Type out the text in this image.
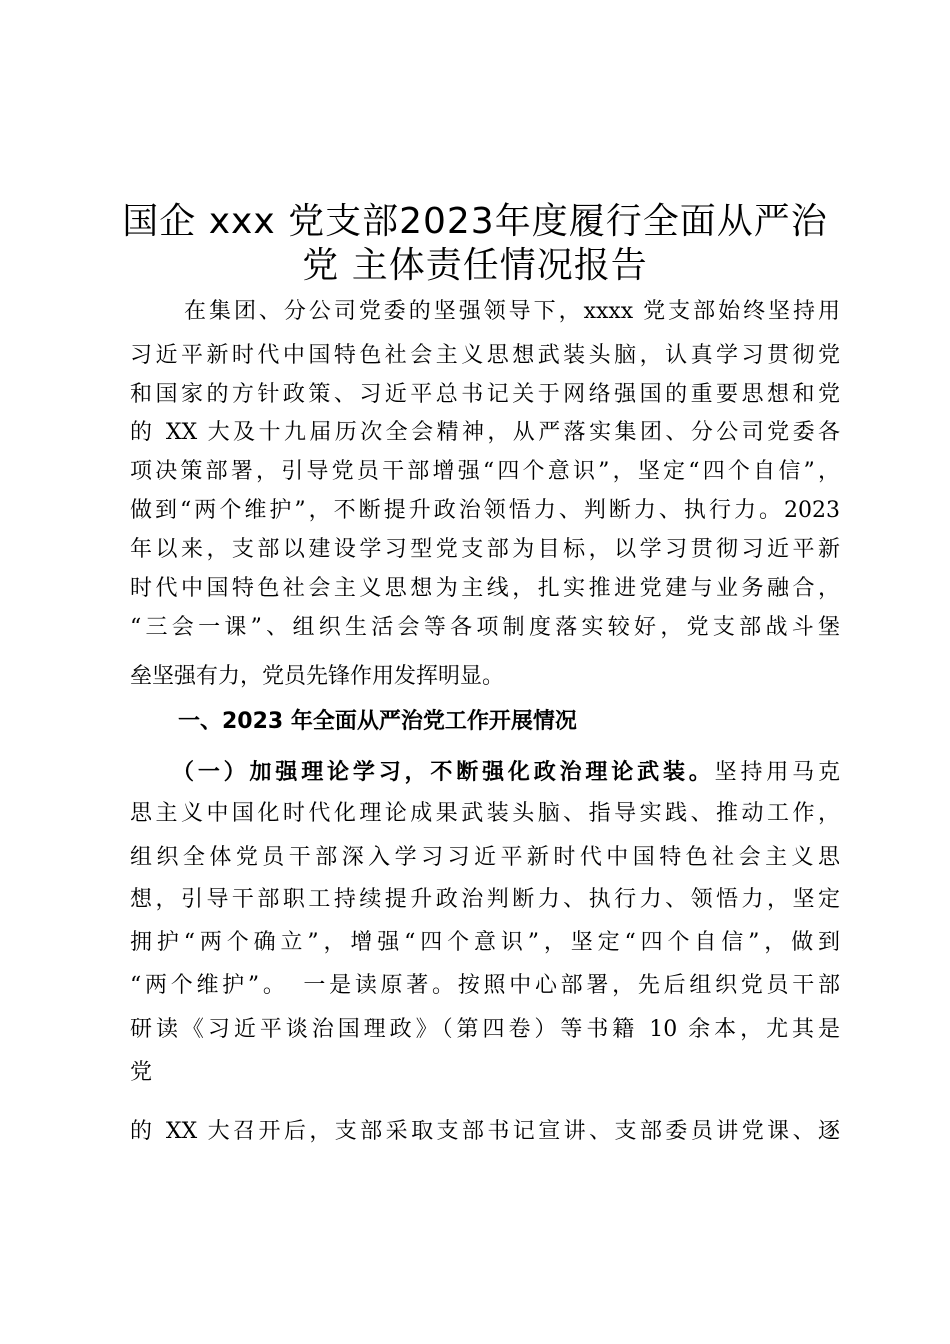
国企 xxx 党支部2023年度履行全面从严治
党 主体责任情况报告

在集团、分公司党委的坚强领导下，xxxx 党支部始终坚持用

习近平新时代中国特色社会主义思想武装头脑，认真学习贯彻党

和国家的方针政策、习近平总书记关于网络强国的重要思想和党

的 XX 大及十九届历次全会精神，从严落实集团、分公司党委各

项决策部署，引导党员干部增强“四个意识”，坚定“四个自信”，

做到“两个维护”，不断提升政治领悟力、判断力、执行力。2023

年以来，支部以建设学习型党支部为目标，以学习贯彻习近平新

时代中国特色社会主义思想为主线，扎实推进党建与业务融合，

“三会一课”、组织生活会等各项制度落实较好，党支部战斗堡

垒坚强有力，党员先锋作用发挥明显。

一、2023 年全面从严治党工作开展情况

（一）加强理论学习，不断强化政治理论武装。坚持用马克

思主义中国化时代化理论成果武装头脑、指导实践、推动工作，

组织全体党员干部深入学习习近平新时代中国特色社会主义思

想，引导干部职工持续提升政治判断力、执行力、领悟力，坚定

拥护“两个确立”，增强“四个意识”，坚定“四个自信”，做到

“两个维护”。　一是读原著。按照中心部署，先后组织党员干部

研读《习近平谈治国理政》（第四卷）等书籍 10 余本，尤其是

党

的 XX 大召开后，支部采取支部书记宣讲、支部委员讲党课、逐
